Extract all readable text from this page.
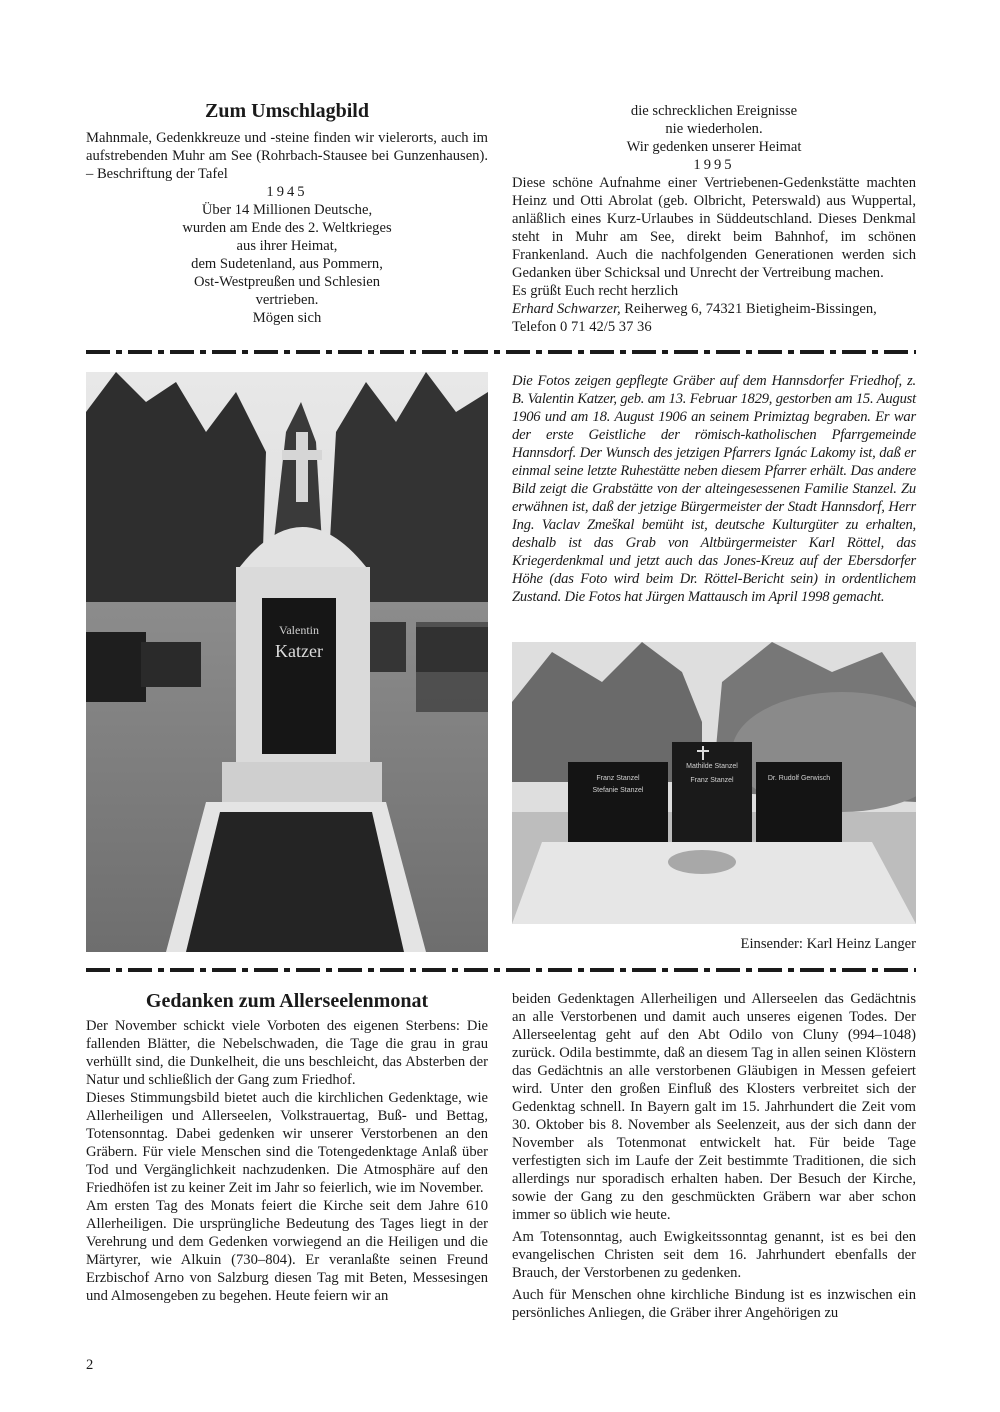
Zum Umschlagbild

Mahnmale, Gedenkkreuze und -steine finden wir vielerorts, auch im aufstrebenden Muhr am See (Rohrbach-Stausee bei Gunzenhausen). – Beschriftung der Tafel

1945
Über 14 Millionen Deutsche,
wurden am Ende des 2. Weltkrieges
aus ihrer Heimat,
dem Sudetenland, aus Pommern,
Ost-Westpreußen und Schlesien
vertrieben.
Mögen sich
die schrecklichen Ereignisse
nie wiederholen.
Wir gedenken unserer Heimat
1995

Diese schöne Aufnahme einer Vertriebenen-Gedenkstätte machten Heinz und Otti Abrolat (geb. Olbricht, Peterswald) aus Wuppertal, anläßlich eines Kurz-Urlaubes in Süddeutschland. Dieses Denkmal steht in Muhr am See, direkt beim Bahnhof, im schönen Frankenland. Auch die nachfolgenden Generationen werden sich Gedanken über Schicksal und Unrecht der Vertreibung machen.

Es grüßt Euch recht herzlich

Erhard Schwarzer, Reiherweg 6, 74321 Bietigheim-Bissingen,

Telefon 0 71 42/5 37 36

Valentin
Katzer

Die Fotos zeigen gepflegte Gräber auf dem Hannsdorfer Friedhof, z. B. Valentin Katzer, geb. am 13. Februar 1829, gestorben am 15. August 1906 und am 18. August 1906 an seinem Primiztag begraben. Er war der erste Geistliche der römisch-katholischen Pfarrgemeinde Hannsdorf. Der Wunsch des jetzigen Pfarrers Ignác Lakomy ist, daß er einmal seine letzte Ruhestätte neben diesem Pfarrer erhält. Das andere Bild zeigt die Grabstätte von der alteingesessenen Familie Stanzel. Zu erwähnen ist, daß der jetzige Bürgermeister der Stadt Hannsdorf, Herr Ing. Vaclav Zmeškal bemüht ist, deutsche Kulturgüter zu erhalten, deshalb ist das Grab von Altbürgermeister Karl Röttel, das Kriegerdenkmal und jetzt auch das Jones-Kreuz auf der Ebersdorfer Höhe (das Foto wird beim Dr. Röttel-Bericht sein) in ordentlichem Zustand. Die Fotos hat Jürgen Mattausch im April 1998 gemacht.

Franz Stanzel
Stefanie Stanzel
Mathilde Stanzel
Franz Stanzel	Dr. Rudolf Gerwisch

Einsender: Karl Heinz Langer

Gedanken zum Allerseelenmonat

Der November schickt viele Vorboten des eigenen Sterbens: Die fallenden Blätter, die Nebelschwaden, die Tage die grau in grau verhüllt sind, die Dunkelheit, die uns beschleicht, das Absterben der Natur und schließlich der Gang zum Friedhof.

Dieses Stimmungsbild bietet auch die kirchlichen Gedenktage, wie Allerheiligen und Allerseelen, Volkstrauertag, Buß- und Bettag, Totensonntag. Dabei gedenken wir unserer Verstorbenen an den Gräbern. Für viele Menschen sind die Totengedenktage Anlaß über Tod und Vergänglichkeit nachzudenken. Die Atmosphäre auf den Friedhöfen ist zu keiner Zeit im Jahr so feierlich, wie im November.

Am ersten Tag des Monats feiert die Kirche seit dem Jahre 610 Allerheiligen. Die ursprüngliche Bedeutung des Tages liegt in der Verehrung und dem Gedenken vorwiegend an die Heiligen und die Märtyrer, wie Alkuin (730–804). Er veranlaßte seinen Freund Erzbischof Arno von Salzburg diesen Tag mit Beten, Messesingen und Almosengeben zu begehen. Heute feiern wir an

beiden Gedenktagen Allerheiligen und Allerseelen das Gedächtnis an alle Verstorbenen und damit auch unseres eigenen Todes. Der Allerseelentag geht auf den Abt Odilo von Cluny (994–1048) zurück. Odila bestimmte, daß an diesem Tag in allen seinen Klöstern das Gedächtnis an alle verstorbenen Gläubigen in Messen gefeiert wird. Unter den großen Einfluß des Klosters verbreitet sich der Gedenktag schnell. In Bayern galt im 15. Jahrhundert die Zeit vom 30. Oktober bis 8. November als Seelenzeit, aus der sich dann der November als Totenmonat entwickelt hat. Für beide Tage verfestigten sich im Laufe der Zeit bestimmte Traditionen, die sich allerdings nur sporadisch erhalten haben. Der Besuch der Kirche, sowie der Gang zu den geschmückten Gräbern war aber schon immer so üblich wie heute.

Am Totensonntag, auch Ewigkeitssonntag genannt, ist es bei den evangelischen Christen seit dem 16. Jahrhundert ebenfalls der Brauch, der Verstorbenen zu gedenken.

Auch für Menschen ohne kirchliche Bindung ist es inzwischen ein persönliches Anliegen, die Gräber ihrer Angehörigen zu

2
